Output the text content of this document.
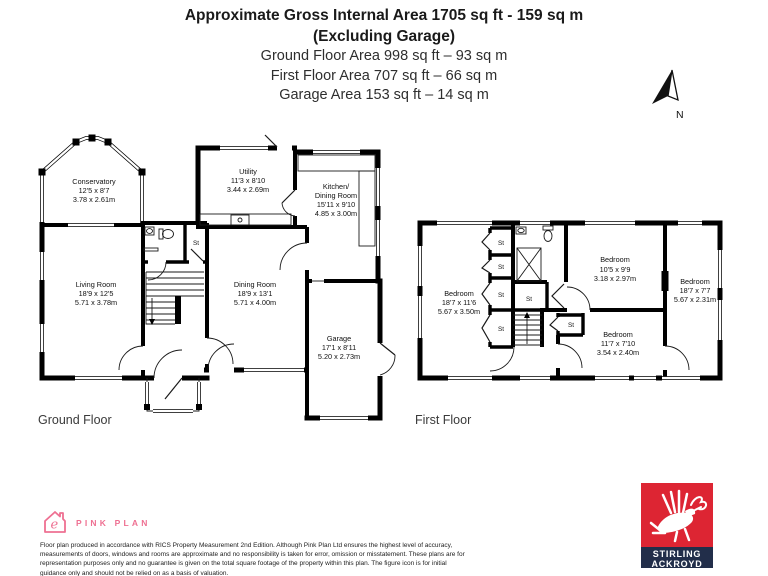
Approximate Gross Internal Area 1705 sq ft - 159 sq m
(Excluding Garage)
Ground Floor Area 998 sq ft – 93 sq m
First Floor Area 707 sq ft – 66 sq m
Garage Area 153 sq ft – 14 sq m
N
Conservatory
12'5 x 8'7
3.78 x 2.61m
Living Room
18'9 x 12'5
5.71 x 3.78m
Utility
11'3 x 8'10
3.44 x 2.69m	Kitchen/
Dining Room
15'11 x 9'10
4.85 x 3.00m
Dining Room
18'9 x 13'1
5.71 x 4.00m
Garage
17'1 x 8'11
5.20 x 2.73m
St
Bedroom
18'7 x 11'6
5.67 x 3.50m
Bedroom
10'5 x 9'9
3.18 x 2.97m	Bedroom
18'7 x 7'7
5.67 x 2.31m
Bedroom
11'7 x 7'10
3.54 x 2.40m
St
St
St
St
St
St
Ground Floor	First Floor
e PINK PLAN
Floor plan produced in accordance with RICS Property Measurement 2nd Edition. Although Pink Plan Ltd ensures the highest level of accuracy, measurements of doors, windows and rooms are approximate and no responsibility is taken for error, omission or misstatement. These plans are for representation purposes only and no guarantee is given on the total square footage of the property within this plan. The figure icon is for initial guidance only and should not be relied on as a basis of valuation.
STIRLING
ACKROYD
